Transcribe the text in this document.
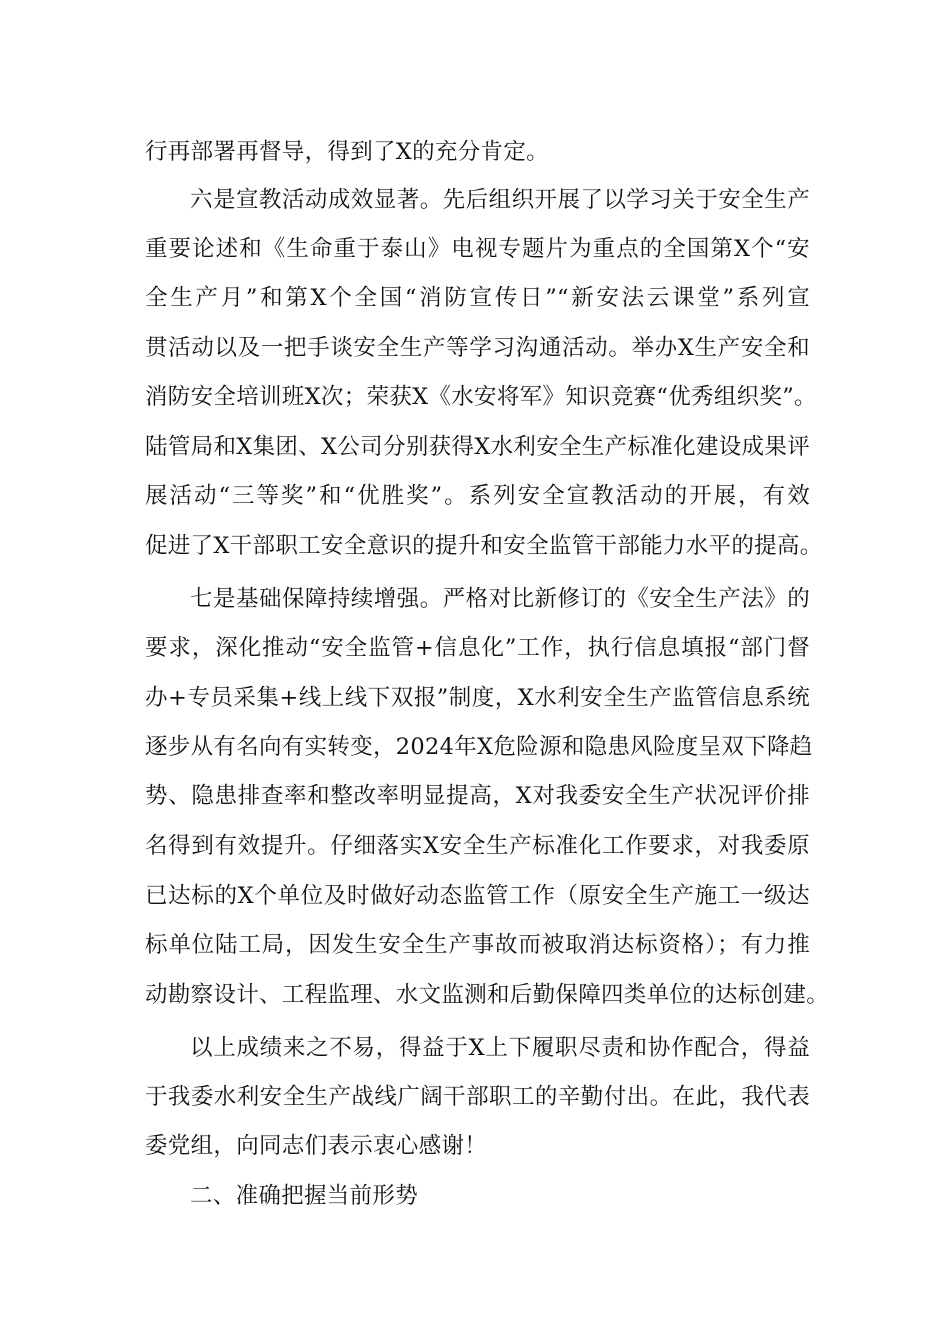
行再部署再督导，得到了X的充分肯定。
六是宣教活动成效显著。先后组织开展了以学习关于安全生产
重要论述和《生命重于泰山》电视专题片为重点的全国第X个“安
全生产月”和第X个全国“消防宣传日”“新安法云课堂”系列宣
贯活动以及一把手谈安全生产等学习沟通活动。举办X生产安全和
消防安全培训班X次；荣获X《水安将军》知识竞赛“优秀组织奖”。
陆管局和X集团、X公司分别获得X水利安全生产标准化建设成果评
展活动“三等奖”和“优胜奖”。系列安全宣教活动的开展，有效
促进了X干部职工安全意识的提升和安全监管干部能力水平的提高。
七是基础保障持续增强。严格对比新修订的《安全生产法》的
要求，深化推动“安全监管+信息化”工作，执行信息填报“部门督
办+专员采集+线上线下双报”制度，X水利安全生产监管信息系统
逐步从有名向有实转变，2024年X危险源和隐患风险度呈双下降趋
势、隐患排查率和整改率明显提高，X对我委安全生产状况评价排
名得到有效提升。仔细落实X安全生产标准化工作要求，对我委原
已达标的X个单位及时做好动态监管工作（原安全生产施工一级达
标单位陆工局，因发生安全生产事故而被取消达标资格）；有力推
动勘察设计、工程监理、水文监测和后勤保障四类单位的达标创建。
以上成绩来之不易，得益于X上下履职尽责和协作配合，得益
于我委水利安全生产战线广阔干部职工的辛勤付出。在此，我代表
委党组，向同志们表示衷心感谢！
二、准确把握当前形势
